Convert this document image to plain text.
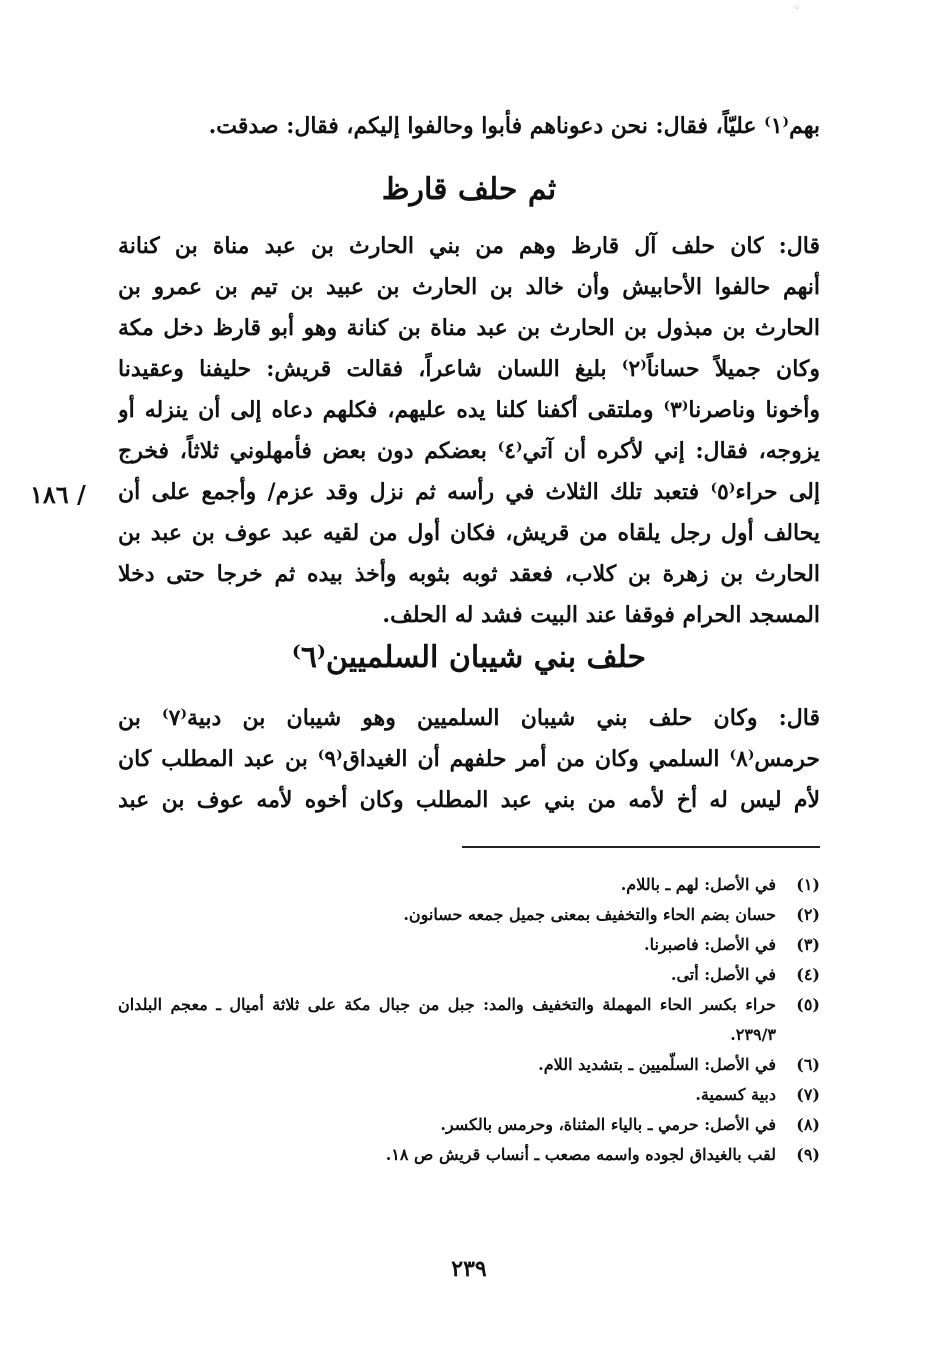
◦
بهم⁽١⁾ عليّاً، فقال: نحن دعوناهم فأبوا وحالفوا إليكم، فقال: صدقت.
ثم حلف قارظ
قال: كان حلف آل قارظ وهم من بني الحارث بن عبد مناة بن كنانة
أنهم حالفوا الأحابيش وأن خالد بن الحارث بن عبيد بن تيم بن عمرو بن
الحارث بن مبذول بن الحارث بن عبد مناة بن كنانة وهو أبو قارظ دخل مكة
وكان جميلاً حساناً⁽٢⁾ بليغ اللسان شاعراً، فقالت قريش: حليفنا وعقيدنا
وأخونا وناصرنا⁽٣⁾ وملتقى أكفنا كلنا يده عليهم، فكلهم دعاه إلى أن ينزله أو
يزوجه، فقال: إني لأكره أن آتي⁽٤⁾ بعضكم دون بعض فأمهلوني ثلاثاً، فخرج
إلى حراء⁽٥⁾ فتعبد تلك الثلاث في رأسه ثم نزل وقد عزم/ وأجمع على أن
يحالف أول رجل يلقاه من قريش، فكان أول من لقيه عبد عوف بن عبد بن
الحارث بن زهرة بن كلاب، فعقد ثوبه بثوبه وأخذ بيده ثم خرجا حتى دخلا
المسجد الحرام فوقفا عند البيت فشد له الحلف.
/ ١٨٦
حلف بني شيبان السلميين⁽٦⁾
قال: وكان حلف بني شيبان السلميين وهو شيبان بن دبية⁽٧⁾ بن
حرمس⁽٨⁾ السلمي وكان من أمر حلفهم أن الغيداق⁽٩⁾ بن عبد المطلب كان
لأم ليس له أخ لأمه من بني عبد المطلب وكان أخوه لأمه عوف بن عبد
(١)
في الأصل: لهم ـ باللام.
(٢)
حسان بضم الحاء والتخفيف بمعنى جميل جمعه حسانون.
(٣)
في الأصل: فاصبرنا.
(٤)
في الأصل: أتى.
(٥)
حراء بكسر الحاء المهملة والتخفيف والمد: جبل من جبال مكة على ثلاثة أميال ـ معجم البلدان ٢٣٩/٣.
(٦)
في الأصل: السلّميين ـ بتشديد اللام.
(٧)
دبية كسمية.
(٨)
في الأصل: حرمي ـ بالياء المثناة، وحرمس بالكسر.
(٩)
لقب بالغيداق لجوده واسمه مصعب ـ أنساب قريش ص ١٨.
٢٣٩
